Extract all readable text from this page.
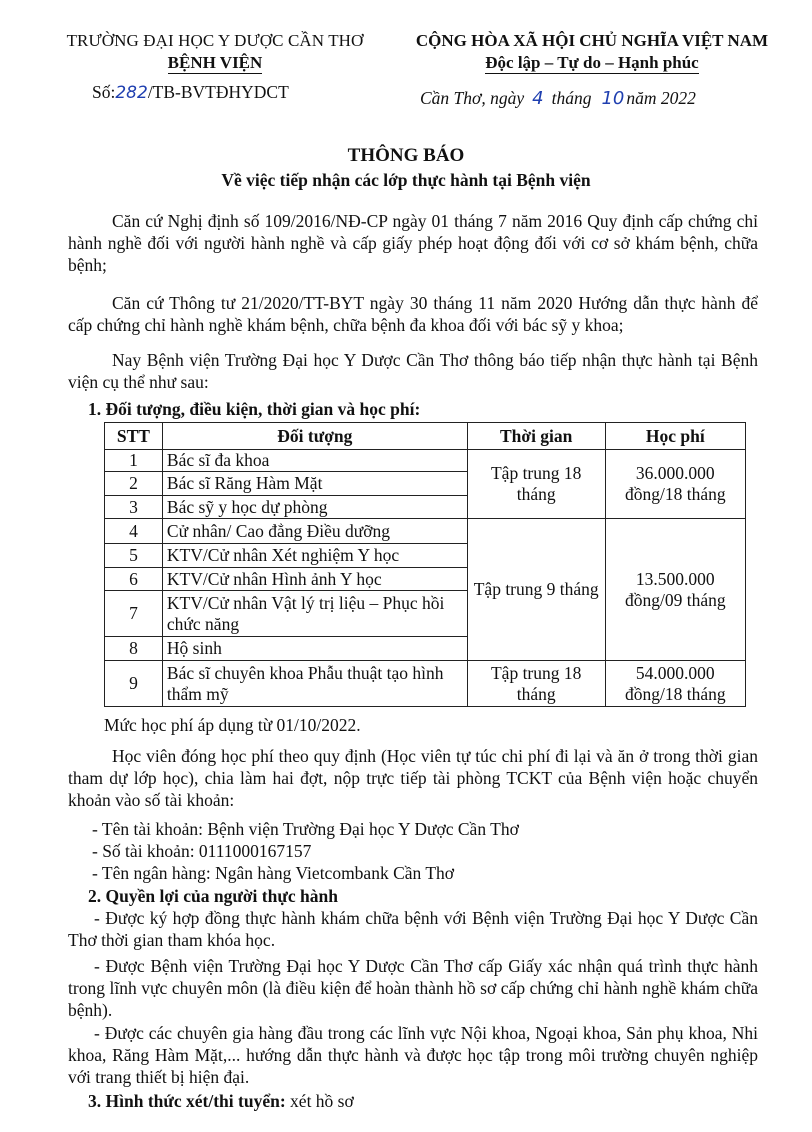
TRƯỜNG ĐẠI HỌC Y DƯỢC CẦN THƠ
BỆNH VIỆN
Số:282/TB-BVTĐHYDCT
CỘNG HÒA XÃ HỘI CHỦ NGHĨA VIỆT NAM
Độc lập – Tự do – Hạnh phúc
Cần Thơ, ngày 4 tháng 10 năm 2022
THÔNG BÁO
Về việc tiếp nhận các lớp thực hành tại Bệnh viện
Căn cứ Nghị định số 109/2016/NĐ-CP ngày 01 tháng 7 năm 2016 Quy định cấp chứng chỉ hành nghề đối với người hành nghề và cấp giấy phép hoạt động đối với cơ sở khám bệnh, chữa bệnh;
Căn cứ Thông tư 21/2020/TT-BYT ngày 30 tháng 11 năm 2020 Hướng dẫn thực hành để cấp chứng chỉ hành nghề khám bệnh, chữa bệnh đa khoa đối với bác sỹ y khoa;
Nay Bệnh viện Trường Đại học Y Dược Cần Thơ thông báo tiếp nhận thực hành tại Bệnh viện cụ thể như sau:
1. Đối tượng, điều kiện, thời gian và học phí:
STT	Đối tượng	Thời gian	Học phí
1	Bác sĩ đa khoa	Tập trung 18 tháng	36.000.000 đồng/18 tháng
2	Bác sĩ Răng Hàm Mặt		
3	Bác sỹ y học dự phòng		
4	Cử nhân/ Cao đẳng Điều dưỡng	Tập trung 9 tháng	13.500.000 đồng/09 tháng
5	KTV/Cử nhân Xét nghiệm Y học		
6	KTV/Cử nhân Hình ảnh Y học		
7	KTV/Cử nhân Vật lý trị liệu – Phục hồi chức năng		
8	Hộ sinh		
9	Bác sĩ chuyên khoa Phẫu thuật tạo hình thẩm mỹ	Tập trung 18 tháng	54.000.000 đồng/18 tháng
Mức học phí áp dụng từ 01/10/2022.
Học viên đóng học phí theo quy định (Học viên tự túc chi phí đi lại và ăn ở trong thời gian tham dự lớp học), chia làm hai đợt, nộp trực tiếp tài phòng TCKT của Bệnh viện hoặc chuyển khoản vào số tài khoản:
- Tên tài khoản: Bệnh viện Trường Đại học Y Dược Cần Thơ
- Số tài khoản: 0111000167157
- Tên ngân hàng: Ngân hàng Vietcombank Cần Thơ
2. Quyền lợi của người thực hành
- Được ký hợp đồng thực hành khám chữa bệnh với Bệnh viện Trường Đại học Y Dược Cần Thơ thời gian tham khóa học.
- Được Bệnh viện Trường Đại học Y Dược Cần Thơ cấp Giấy xác nhận quá trình thực hành trong lĩnh vực chuyên môn (là điều kiện để hoàn thành hồ sơ cấp chứng chỉ hành nghề khám chữa bệnh).
- Được các chuyên gia hàng đầu trong các lĩnh vực Nội khoa, Ngoại khoa, Sản phụ khoa, Nhi khoa, Răng Hàm Mặt,... hướng dẫn thực hành và được học tập trong môi trường chuyên nghiệp với trang thiết bị hiện đại.
3. Hình thức xét/thi tuyển: xét hồ sơ
